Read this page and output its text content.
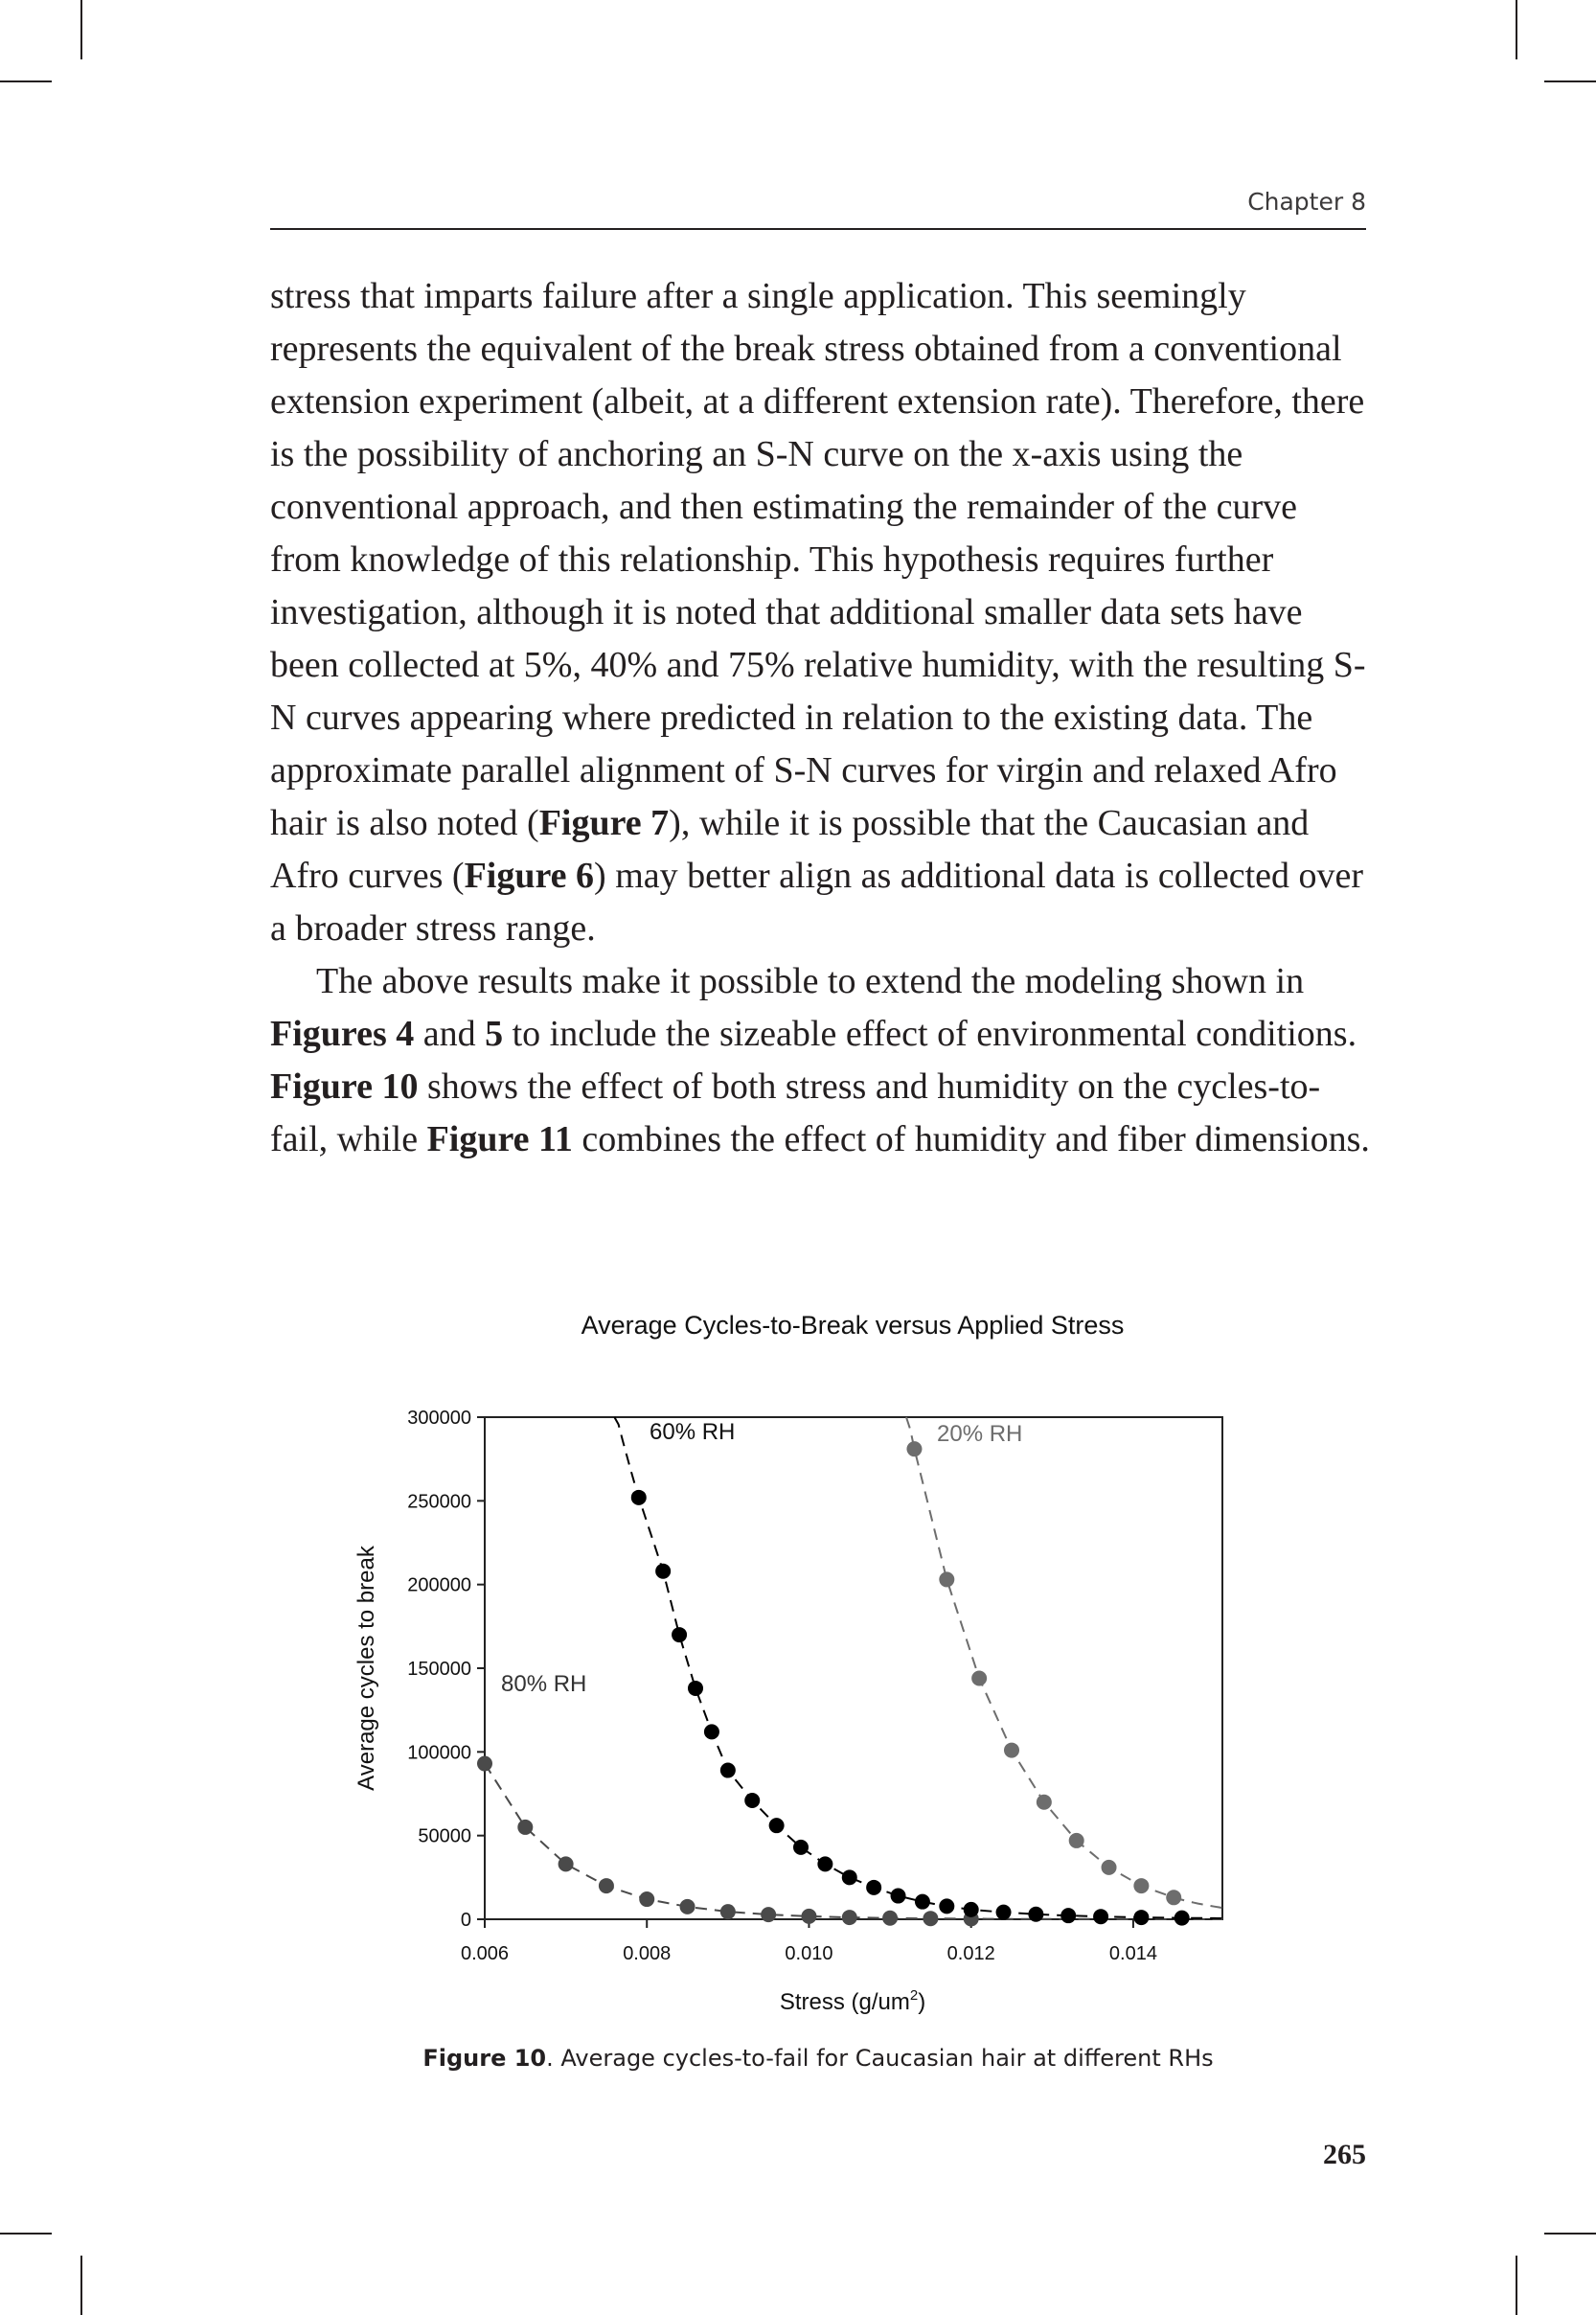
Chapter 8

stress that imparts failure after a single application. This seemingly represents the equivalent of the break stress obtained from a conventional extension experiment (albeit, at a different extension rate). Therefore, there is the possibility of anchoring an S-N curve on the x-axis using the conventional approach, and then estimating the remainder of the curve from knowledge of this relationship. This hypothesis requires further investigation, although it is noted that additional smaller data sets have been collected at 5%, 40% and 75% relative humidity, with the resulting S-N curves appearing where predicted in relation to the existing data. The approximate parallel alignment of S-N curves for virgin and relaxed Afro hair is also noted (Figure 7), while it is possible that the Caucasian and Afro curves (Figure 6) may better align as additional data is collected over a broader stress range.

The above results make it possible to extend the modeling shown in Figures 4 and 5 to include the sizeable effect of environmental conditions. Figure 10 shows the effect of both stress and humidity on the cycles-to-fail, while Figure 11 combines the effect of humidity and fiber dimensions.

Average Cycles-to-Break versus Applied Stress
0
50000
100000
150000
200000
250000
300000
0.006	0.008	0.010	0.012	0.014
60% RH	20% RH
80% RH
Average cycles to break
Stress $(g/um^2)$
Figure 10. Average cycles-to-fail for Caucasian hair at different RHs
265
